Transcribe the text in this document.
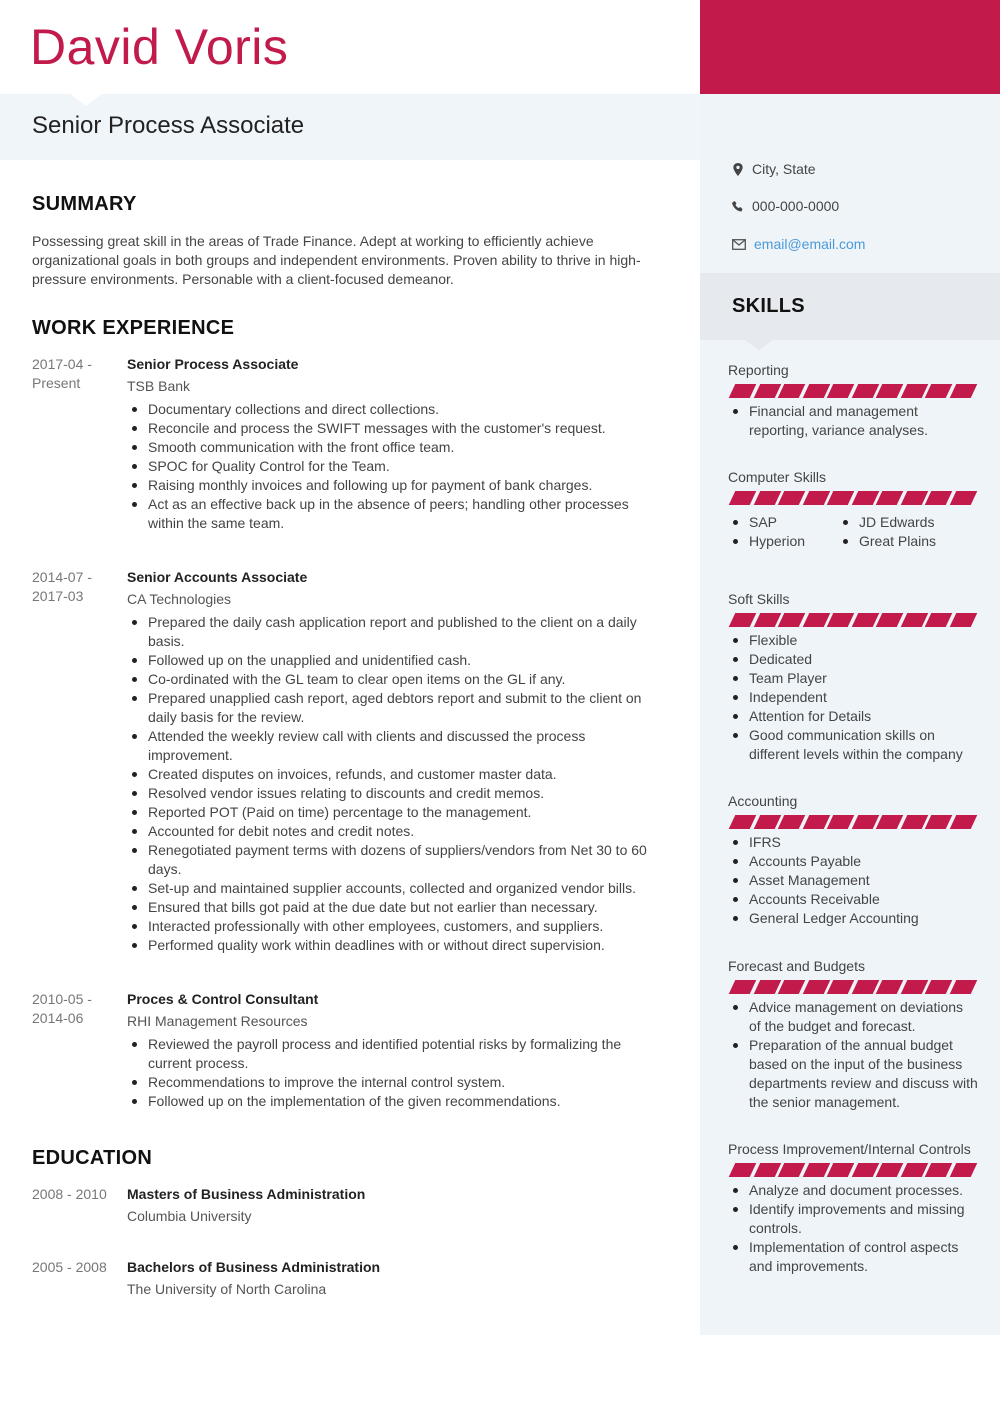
David Voris
Senior Process Associate
City, State
000-000-0000
email@email.com
SKILLS
SUMMARY
Possessing great skill in the areas of Trade Finance. Adept at working to efficiently achieve organizational goals in both groups and independent environments. Proven ability to thrive in high-pressure environments. Personable with a client-focused demeanor.
WORK EXPERIENCE
EDUCATION
2017-04 - Present
Senior Process Associate
TSB Bank
Documentary collections and direct collections.
Reconcile and process the SWIFT messages with the customer's request.
Smooth communication with the front office team.
SPOC for Quality Control for the Team.
Raising monthly invoices and following up for payment of bank charges.
Act as an effective back up in the absence of peers; handling other processes within the same team.
2014-07 - 2017-03
Senior Accounts Associate
CA Technologies
Prepared the daily cash application report and published to the client on a daily basis.
Followed up on the unapplied and unidentified cash.
Co-ordinated with the GL team to clear open items on the GL if any.
Prepared unapplied cash report, aged debtors report and submit to the client on daily basis for the review.
Attended the weekly review call with clients and discussed the process improvement.
Created disputes on invoices, refunds, and customer master data.
Resolved vendor issues relating to discounts and credit memos.
Reported POT (Paid on time) percentage to the management.
Accounted for debit notes and credit notes.
Renegotiated payment terms with dozens of suppliers/vendors from Net 30 to 60 days.
Set-up and maintained supplier accounts, collected and organized vendor bills.
Ensured that bills got paid at the due date but not earlier than necessary.
Interacted professionally with other employees, customers, and suppliers.
Performed quality work within deadlines with or without direct supervision.
2010-05 - 2014-06
Proces & Control Consultant
RHI Management Resources
Reviewed the payroll process and identified potential risks by formalizing the current process.
Recommendations to improve the internal control system.
Followed up on the implementation of the given recommendations.
2008 - 2010	Masters of Business Administration
Columbia University
2005 - 2008	Bachelors of Business Administration
The University of North Carolina
Reporting
Financial and management reporting, variance analyses.
Computer Skills
SAP
Hyperion
JD Edwards
Great Plains
Soft Skills
Flexible
Dedicated
Team Player
Independent
Attention for Details
Good communication skills on different levels within the company
Accounting
IFRS
Accounts Payable
Asset Management
Accounts Receivable
General Ledger Accounting
Forecast and Budgets
Advice management on deviations of the budget and forecast.
Preparation of the annual budget based on the input of the business departments review and discuss with the senior management.
Process Improvement/Internal Controls
Analyze and document processes.
Identify improvements and missing controls.
Implementation of control aspects and improvements.
